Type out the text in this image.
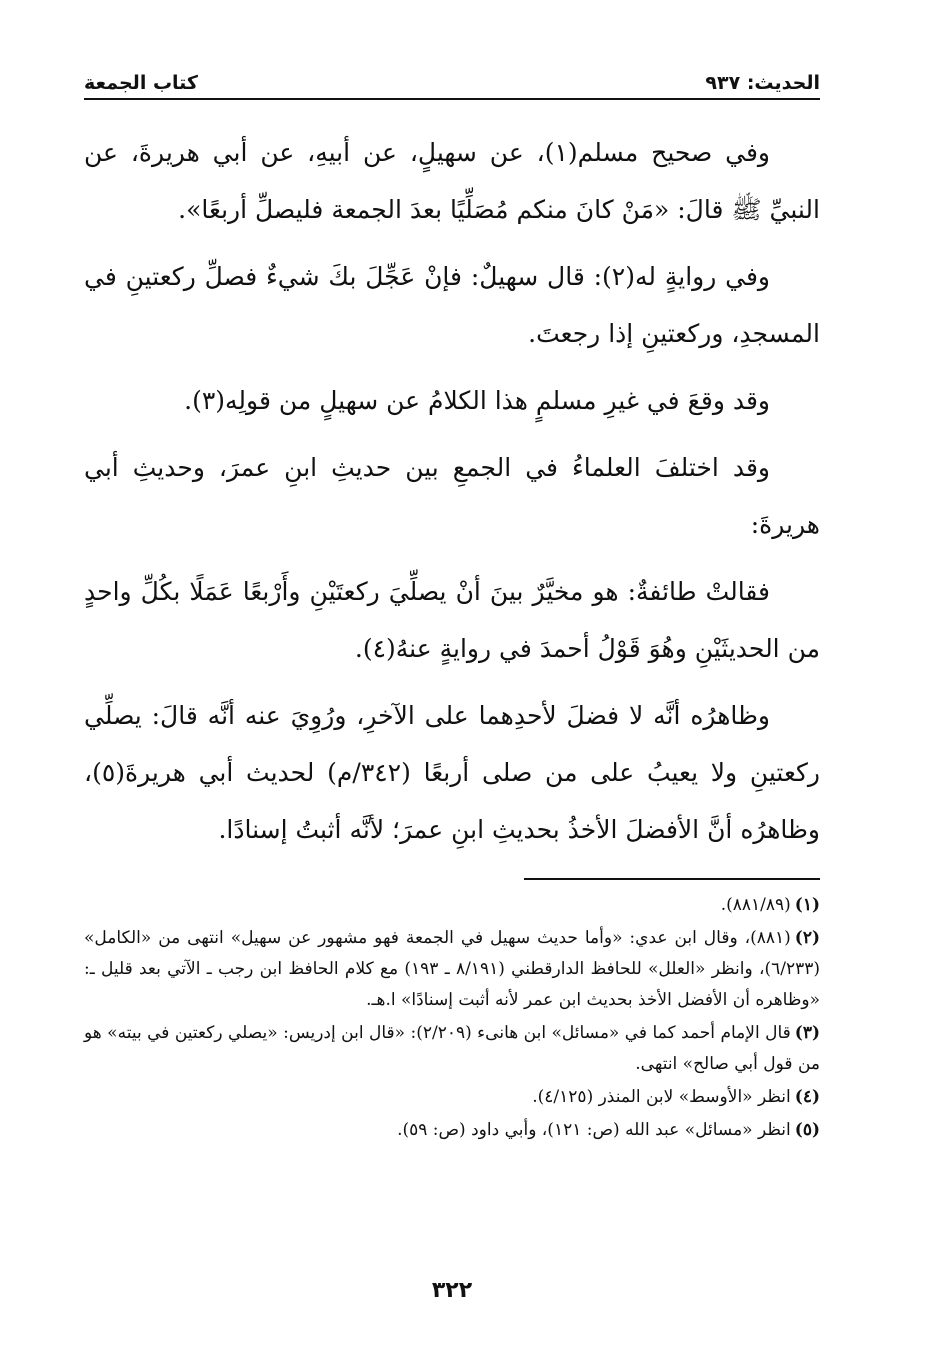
الحديث: ٩٣٧
كتاب الجمعة

وفي صحيح مسلم(١)، عن سهيلٍ، عن أبيهِ، عن أبي هريرةَ، عن النبيِّ ﷺ قالَ: «مَنْ كانَ منكم مُصَلِّيًا بعدَ الجمعة فليصلِّ أربعًا».

وفي روايةٍ له(٢): قال سهيلٌ: فإنْ عَجِّلَ بكَ شيءٌ فصلِّ ركعتينِ في المسجدِ، وركعتينِ إذا رجعتَ.

وقد وقعَ في غيرِ مسلمٍ هذا الكلامُ عن سهيلٍ من قولِه(٣).

وقد اختلفَ العلماءُ في الجمعِ بين حديثِ ابنِ عمرَ، وحديثِ أبي هريرةَ:

فقالتْ طائفةٌ: هو مخيَّرٌ بينَ أنْ يصلِّيَ ركعتَيْنِ وأَرْبعًا عَمَلًا بكُلِّ واحدٍ من الحديثَيْنِ وهُوَ قَوْلُ أحمدَ في روايةٍ عنهُ(٤).

وظاهرُه أنَّه لا فضلَ لأحدِهما على الآخرِ، ورُوِيَ عنه أنَّه قالَ: يصلِّي ركعتينِ ولا يعيبُ على من صلى أربعًا (٣٤٢/م) لحديث أبي هريرةَ(٥)، وظاهرُه أنَّ الأفضلَ الأخذُ بحديثِ ابنِ عمرَ؛ لأنَّه أثبتُ إسنادًا.

(١)(٨٨١/٨٩).
(٢)(٨٨١)، وقال ابن عدي: «وأما حديث سهيل في الجمعة فهو مشهور عن سهيل» انتهى من «الكامل» (٦/٢٣٣)، وانظر «العلل» للحافظ الدارقطني (٨/١٩١ ـ ١٩٣) مع كلام الحافظ ابن رجب ـ الآتي بعد قليل ـ: «وظاهره أن الأفضل الأخذ بحديث ابن عمر لأنه أثبت إسنادًا» ا.هـ.
(٣)قال الإمام أحمد كما في «مسائل» ابن هانىء (٢/٢٠٩): «قال ابن إدريس: «يصلي ركعتين في بيته» هو من قول أبي صالح» انتهى.
(٤)انظر «الأوسط» لابن المنذر (٤/١٢٥).
(٥)انظر «مسائل» عبد الله (ص: ١٢١)، وأبي داود (ص: ٥٩).
٣٢٢
